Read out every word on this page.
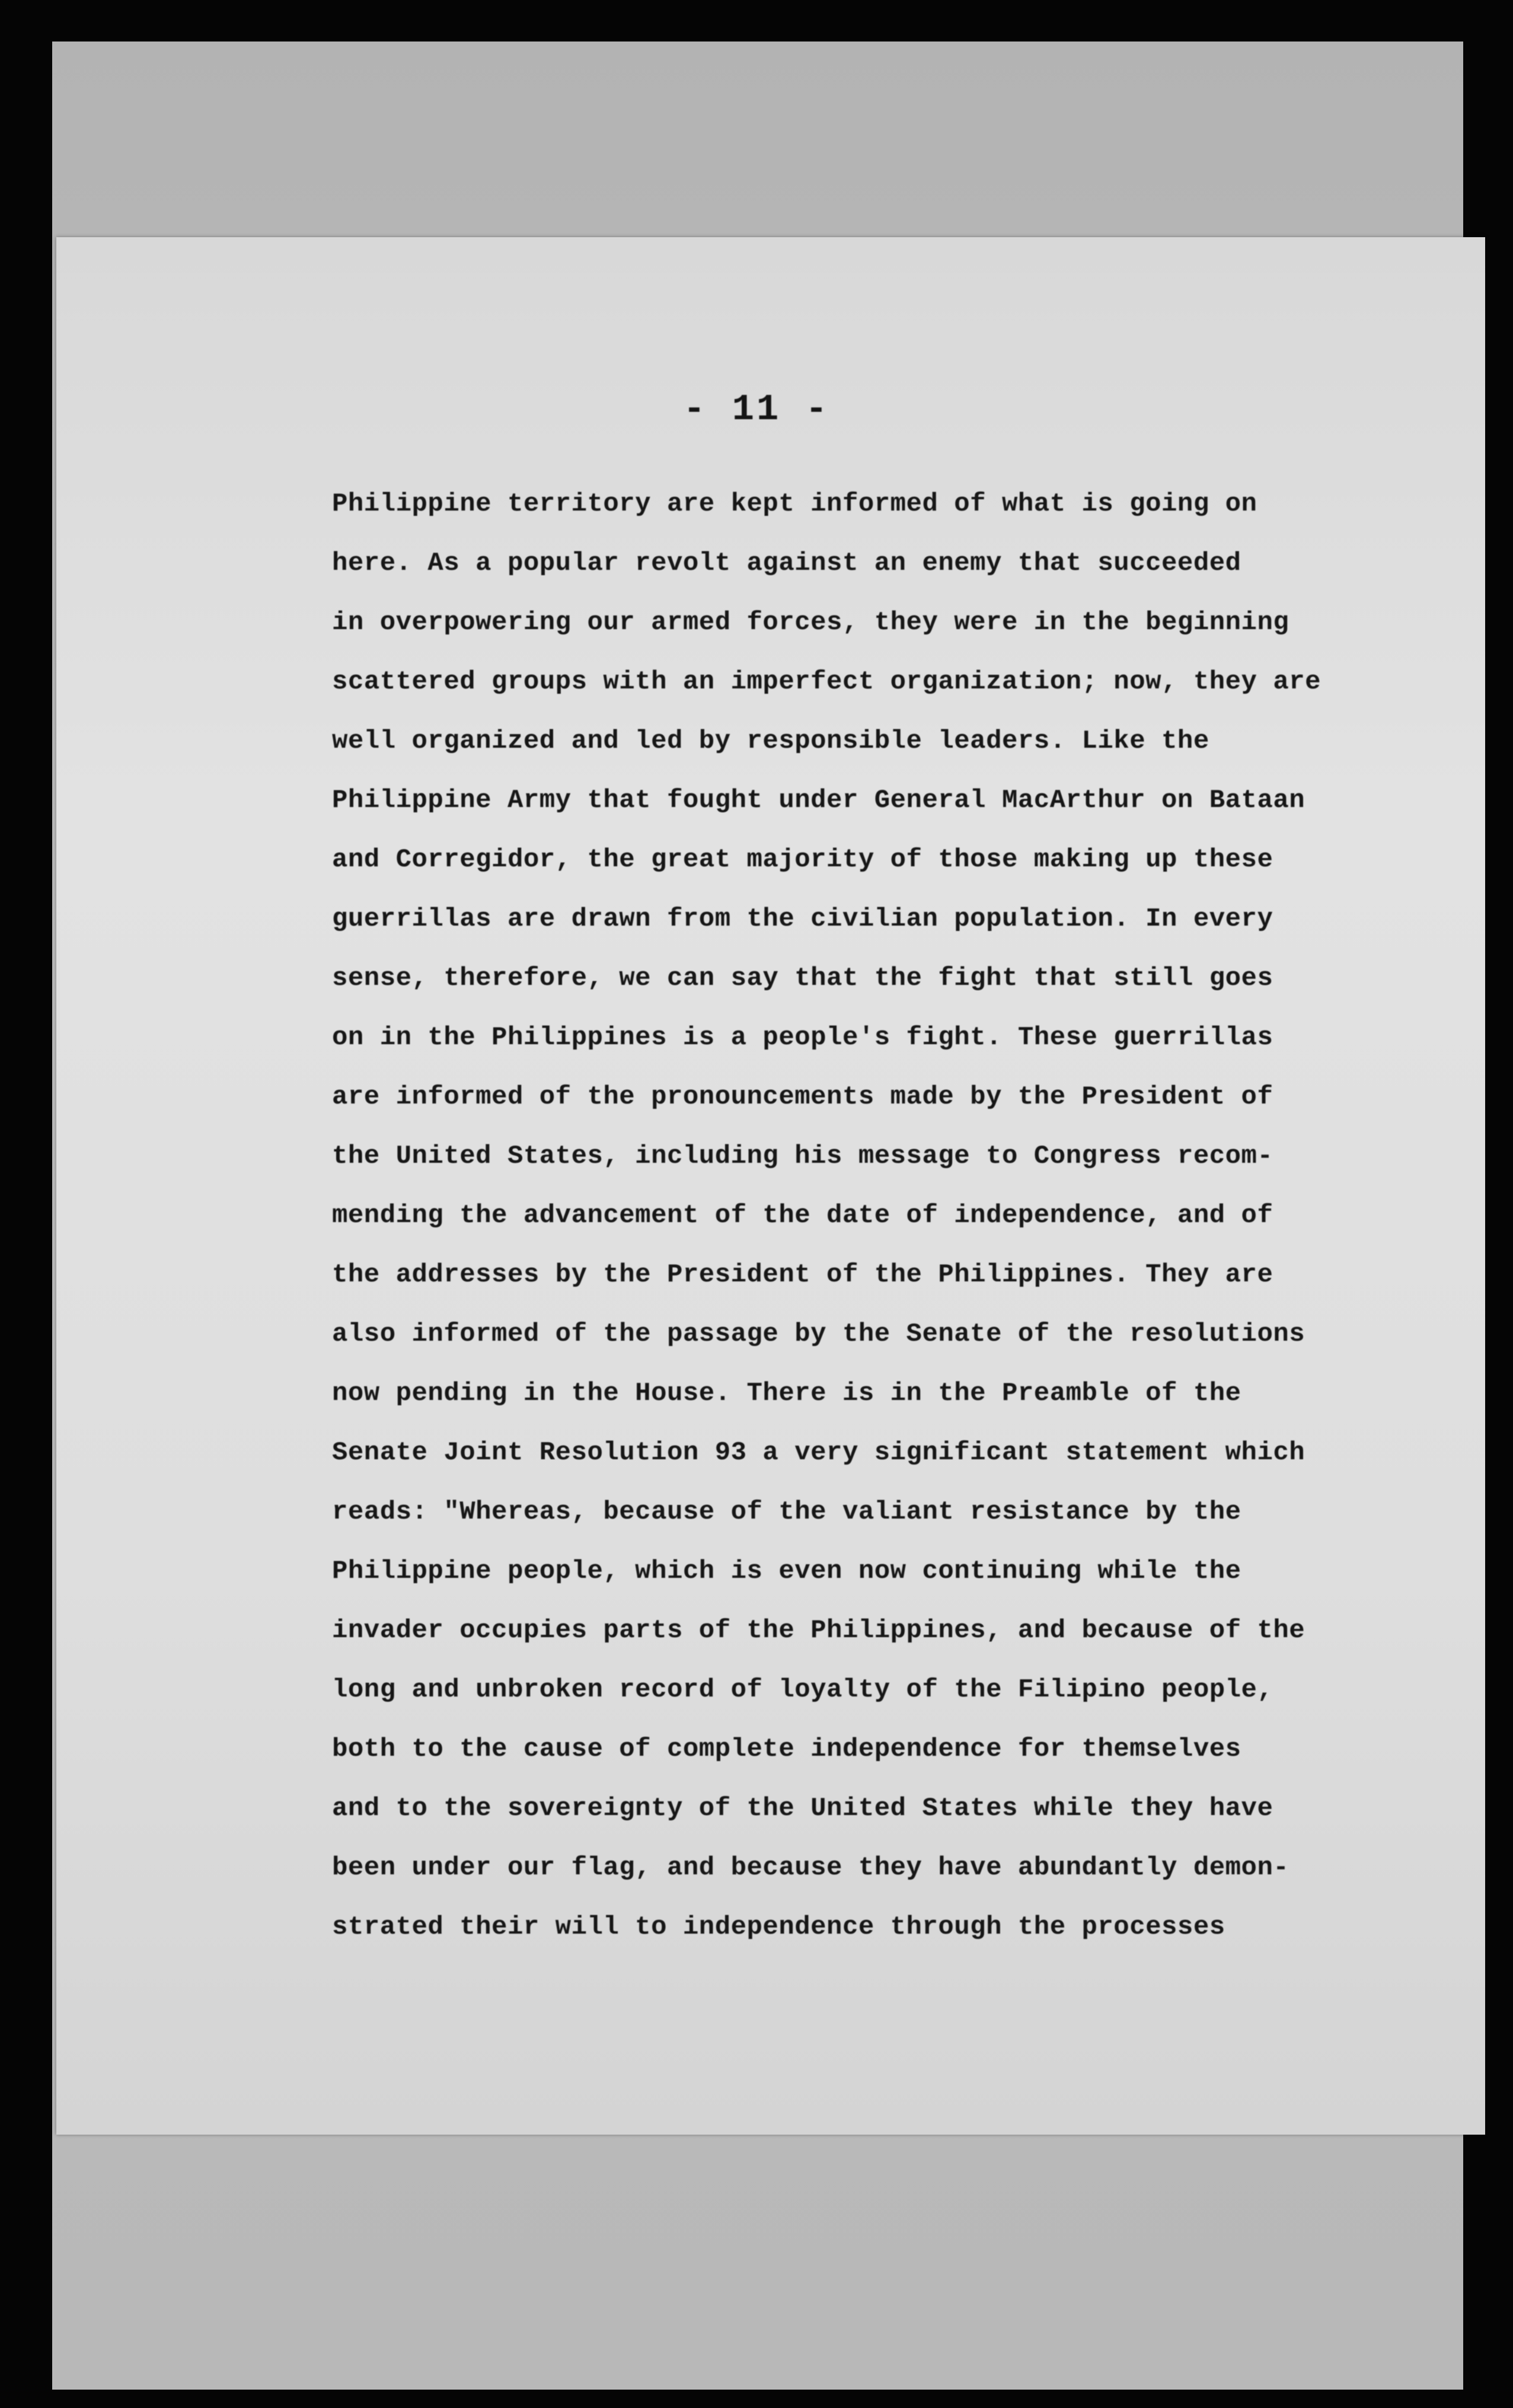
- 11 -
Philippine territory are kept informed of what is going on
here. As a popular revolt against an enemy that succeeded
in overpowering our armed forces, they were in the beginning
scattered groups with an imperfect organization; now, they are
well organized and led by responsible leaders. Like the
Philippine Army that fought under General MacArthur on Bataan
and Corregidor, the great majority of those making up these
guerrillas are drawn from the civilian population. In every
sense, therefore, we can say that the fight that still goes
on in the Philippines is a people's fight. These guerrillas
are informed of the pronouncements made by the President of
the United States, including his message to Congress recom-
mending the advancement of the date of independence, and of
the addresses by the President of the Philippines. They are
also informed of the passage by the Senate of the resolutions
now pending in the House. There is in the Preamble of the
Senate Joint Resolution 93 a very significant statement which
reads: "Whereas, because of the valiant resistance by the
Philippine people, which is even now continuing while the
invader occupies parts of the Philippines, and because of the
long and unbroken record of loyalty of the Filipino people,
both to the cause of complete independence for themselves
and to the sovereignty of the United States while they have
been under our flag, and because they have abundantly demon-
strated their will to independence through the processes
